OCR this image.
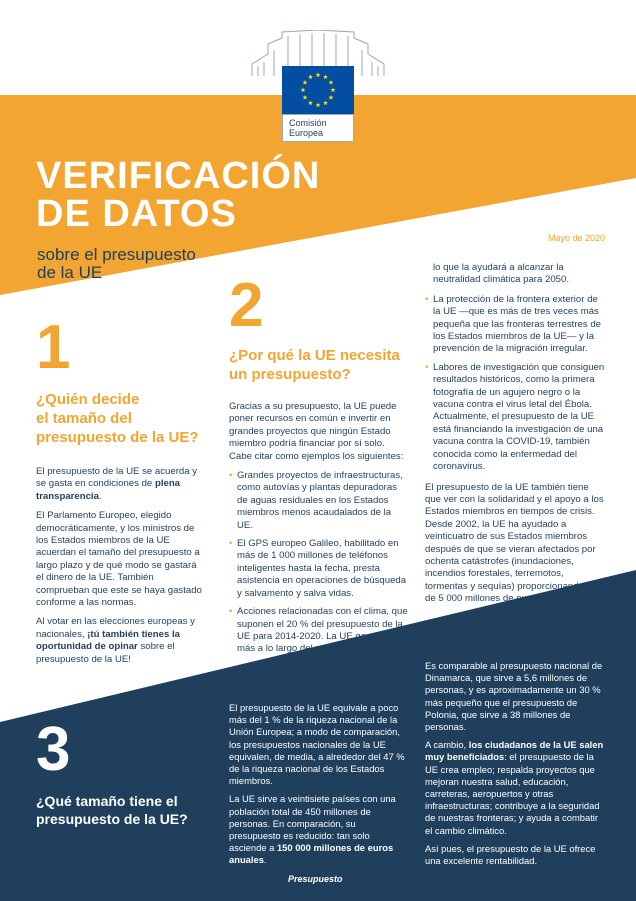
Comisión
Europea
VERIFICACIÓN
DE DATOS
sobre el presupuesto
de la UE
Mayo de 2020
1
¿Quién decide
el tamaño del
presupuesto de la UE?

El presupuesto de la UE se acuerda y se gasta en condiciones de plena transparencia.

El Parlamento Europeo, elegido democráticamente, y los ministros de los Estados miembros de la UE acuerdan el tamaño del presupuesto a largo plazo y de qué modo se gastará el dinero de la UE. También comprueban que este se haya gastado conforme a las normas.

Al votar en las elecciones europeas y nacionales, ¡tú también tienes la oportunidad de opinar sobre el presupuesto de la UE!

2
¿Por qué la UE necesita
un presupuesto?

Gracias a su presupuesto, la UE puede poner recursos en común e invertir en grandes proyectos que ningún Estado miembro podría financiar por sí solo. Cabe citar como ejemplos los siguientes:

• Grandes proyectos de infraestructuras, como autovías y plantas depuradoras de aguas residuales en los Estados miembros menos acaudalados de la UE.
• El GPS europeo Galileo, habilitado en más de 1 000 millones de teléfonos inteligentes hasta la fecha, presta asistencia en operaciones de búsqueda y salvamento y salva vidas.
• Acciones relacionadas con el clima, que suponen el 20 % del presupuesto de la UE para 2014-2020. La UE gastará aún más a lo largo del período 2021-2027,

lo que la ayudará a alcanzar la neutralidad climática para 2050.

• La protección de la frontera exterior de la UE —que es más de tres veces más pequeña que las fronteras terrestres de los Estados miembros de la UE— y la prevención de la migración irregular.
• Labores de investigación que consiguen resultados históricos, como la primera fotografía de un agujero negro o la vacuna contra el virus letal del Ébola. Actualmente, el presupuesto de la UE está financiando la investigación de una vacuna contra la COVID-19, también conocida como la enfermedad del coronavirus.

El presupuesto de la UE también tiene que ver con la solidaridad y el apoyo a los Estados miembros en tiempos de crisis. Desde 2002, la UE ha ayudado a veinticuatro de sus Estados miembros después de que se vieran afectados por ochenta catástrofes (inundaciones, incendios forestales, terremotos, tormentas y sequías) proporcionando más de 5 000 millones de euros.

3
¿Qué tamaño tiene el
presupuesto de la UE?

El presupuesto de la UE equivale a poco más del 1 % de la riqueza nacional de la Unión Europea; a modo de comparación, los presupuestos nacionales de la UE equivalen, de media, a alrededor del 47 % de la riqueza nacional de los Estados miembros.

La UE sirve a veintisiete países con una población total de 450 millones de personas. En comparación, su presupuesto es reducido: tan solo asciende a 150 000 millones de euros anuales.

Es comparable al presupuesto nacional de Dinamarca, que sirve a 5,6 millones de personas, y es aproximadamente un 30 % más pequeño que el presupuesto de Polonia, que sirve a 38 millones de personas.

A cambio, los ciudadanos de la UE salen muy beneficiados: el presupuesto de la UE crea empleo; respalda proyectos que mejoran nuestra salud, educación, carreteras, aeropuertos y otras infraestructuras; contribuye a la seguridad de nuestras fronteras; y ayuda a combatir el cambio climático.

Así pues, el presupuesto de la UE ofrece una excelente rentabilidad.

Presupuesto
